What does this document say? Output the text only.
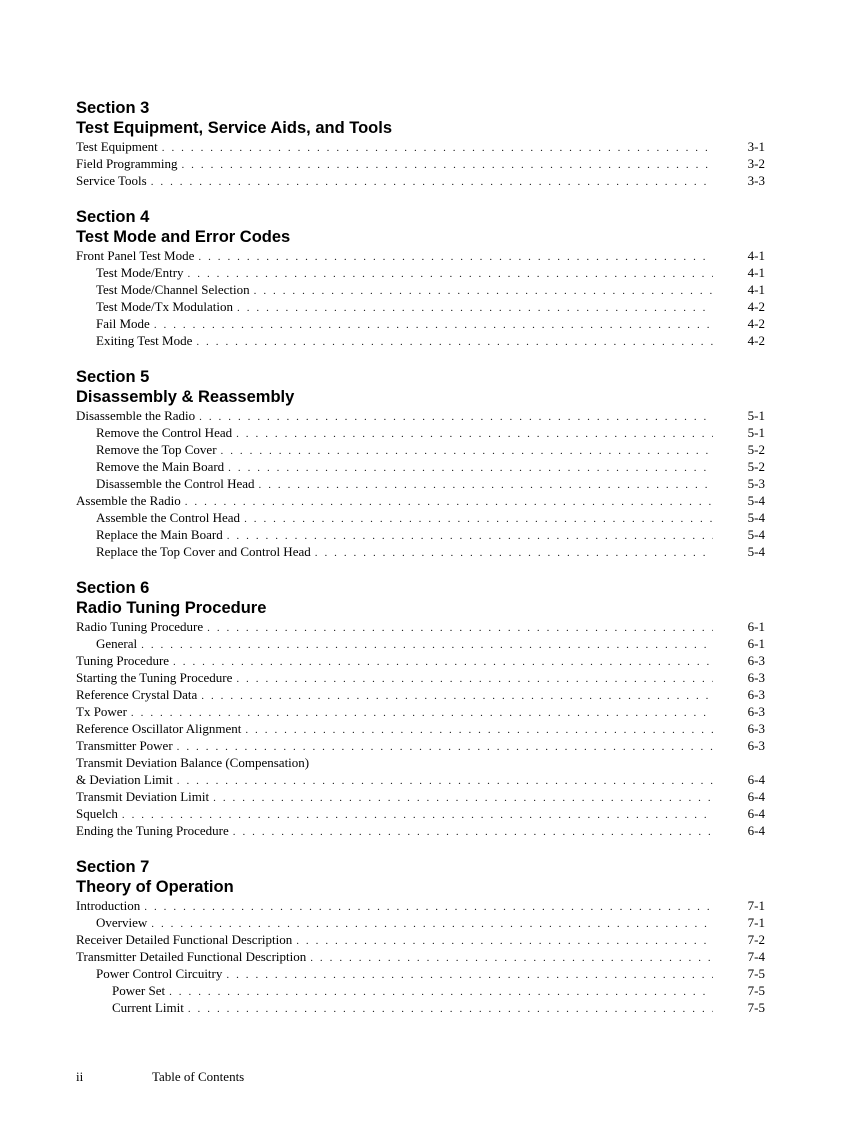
Section 3
Test Equipment, Service Aids, and Tools
Test Equipment . . .	3-1
Field Programming . . .	3-2
Service Tools . . .	3-3
Section 4
Test Mode and Error Codes
Front Panel Test Mode . . .	4-1
Test Mode/Entry . . .	4-1
Test Mode/Channel Selection . . .	4-1
Test Mode/Tx Modulation . . .	4-2
Fail Mode . . .	4-2
Exiting Test Mode . . .	4-2
Section 5
Disassembly & Reassembly
Disassemble the Radio . . .	5-1
Remove the Control Head . . .	5-1
Remove the Top Cover . . .	5-2
Remove the Main Board . . .	5-2
Disassemble the Control Head . . .	5-3
Assemble the Radio . . .	5-4
Assemble the Control Head . . .	5-4
Replace the Main Board . . .	5-4
Replace the Top Cover and Control Head . . .	5-4
Section 6
Radio Tuning Procedure
Radio Tuning Procedure . . .	6-1
General . . .	6-1
Tuning Procedure . . .	6-3
Starting the Tuning Procedure . . .	6-3
Reference Crystal Data . . .	6-3
Tx Power . . .	6-3
Reference Oscillator Alignment . . .	6-3
Transmitter Power . . .	6-3
Transmit Deviation Balance (Compensation)
& Deviation Limit . . .	6-4
Transmit Deviation Limit . . .	6-4
Squelch . . .	6-4
Ending the Tuning Procedure . . .	6-4
Section 7
Theory of Operation
Introduction . . .	7-1
Overview . . .	7-1
Receiver Detailed Functional Description . . .	7-2
Transmitter Detailed Functional Description . . .	7-4
Power Control Circuitry . . .	7-5
Power Set . . .	7-5
Current Limit . . .	7-5
ii	Table of Contents
